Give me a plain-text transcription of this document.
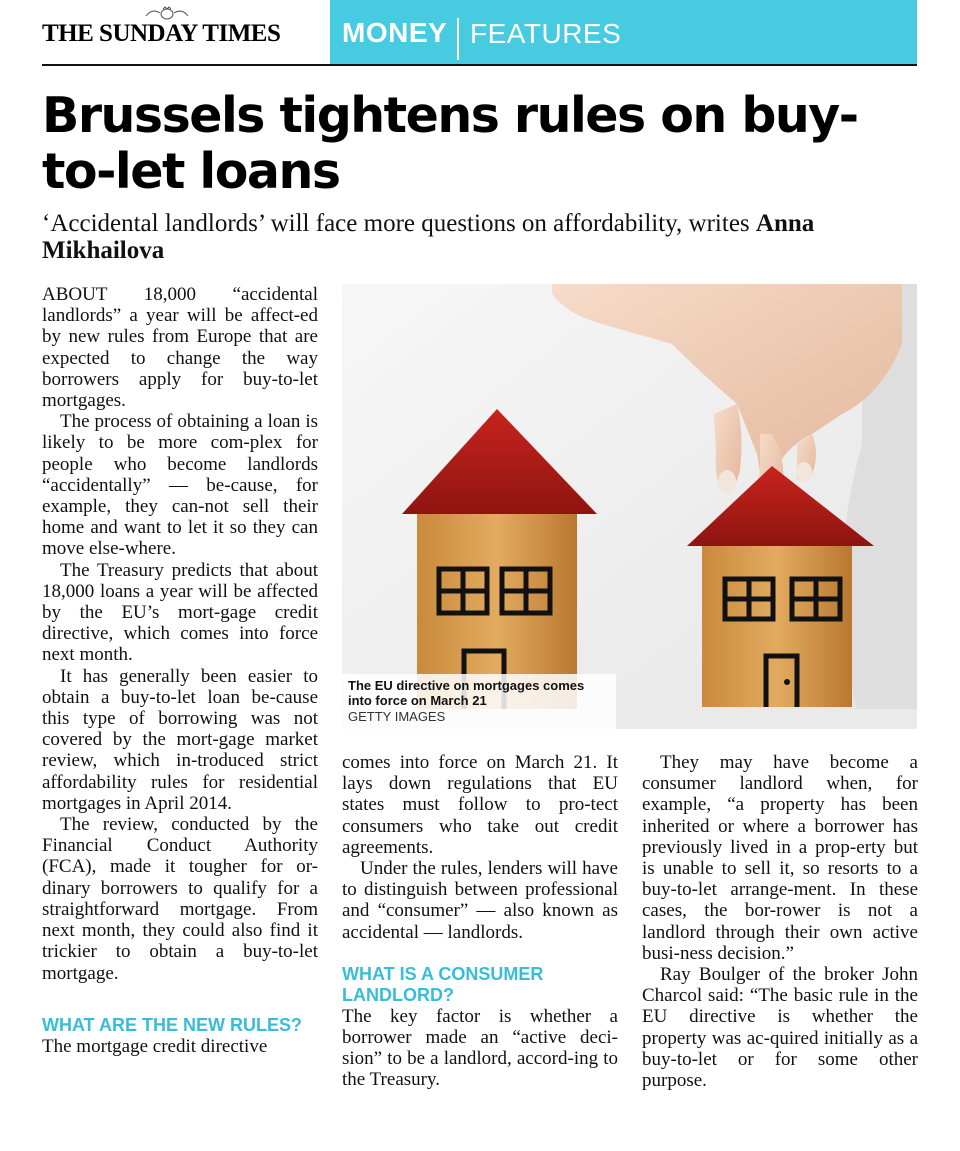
THE SUNDAY TIMES MONEY FEATURES
Brussels tightens rules on buy-to-let loans

‘Accidental landlords’ will face more questions on affordability, writes Anna Mikhailova

ABOUT 18,000 “accidental landlords” a year will be affect-ed by new rules from Europe that are expected to change the way borrowers apply for buy-to-let mortgages.

The process of obtaining a loan is likely to be more com-plex for people who become landlords “accidentally” — be-cause, for example, they can-not sell their home and want to let it so they can move else-where.

The Treasury predicts that about 18,000 loans a year will be affected by the EU’s mort-gage credit directive, which comes into force next month.

It has generally been easier to obtain a buy-to-let loan be-cause this type of borrowing was not covered by the mort-gage market review, which in-troduced strict affordability rules for residential mortgages in April 2014.

The review, conducted by the Financial Conduct Authority (FCA), made it tougher for or-dinary borrowers to qualify for a straightforward mortgage. From next month, they could also find it trickier to obtain a buy-to-let mortgage.

WHAT ARE THE NEW RULES?

The mortgage credit directive

The EU directive on mortgages comes into force on March 21
GETTY IMAGES

comes into force on March 21. It lays down regulations that EU states must follow to pro-tect consumers who take out credit agreements.

Under the rules, lenders will have to distinguish between professional and “consumer” — also known as accidental — landlords.

WHAT IS A CONSUMER LANDLORD?

The key factor is whether a borrower made an “active deci-sion” to be a landlord, accord-ing to the Treasury.

They may have become a consumer landlord when, for example, “a property has been inherited or where a borrower has previously lived in a prop-erty but is unable to sell it, so resorts to a buy-to-let arrange-ment. In these cases, the bor-rower is not a landlord through their own active busi-ness decision.”

Ray Boulger of the broker John Charcol said: “The basic rule in the EU directive is whether the property was ac-quired initially as a buy-to-let or for some other purpose.
